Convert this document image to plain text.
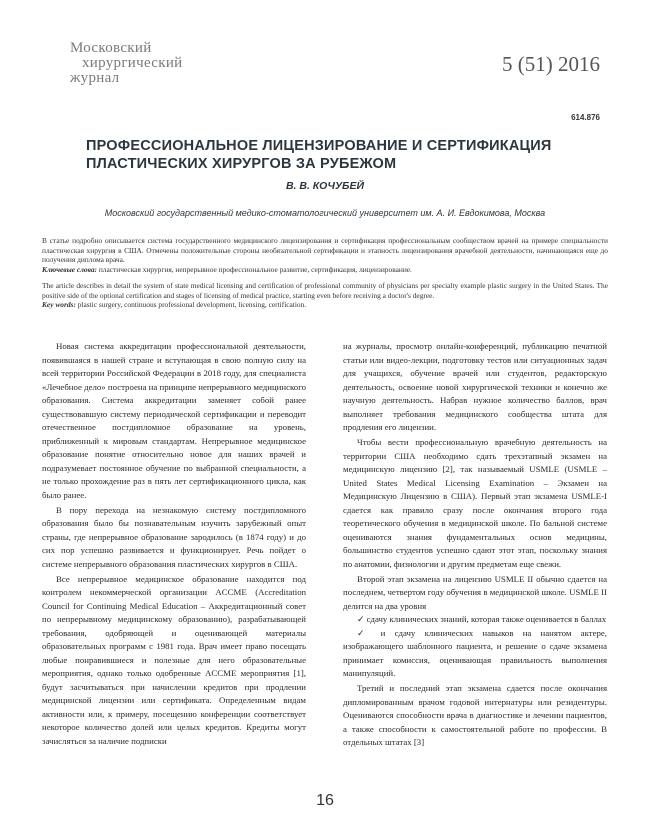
Московский
хирургический
журнал
5 (51) 2016
614.876
ПРОФЕССИОНАЛЬНОЕ ЛИЦЕНЗИРОВАНИЕ И СЕРТИФИКАЦИЯ ПЛАСТИЧЕСКИХ ХИРУРГОВ ЗА РУБЕЖОМ
В. В. КОЧУБЕЙ
Московский государственный медико-стоматологический университет им. А. И. Евдокимова, Москва
В статье подробно описывается система государственного медицинского лицензирования и сертификация профессиональным сообществом врачей на примере специальности пластическая хирургия в США. Отмечены положительные стороны необязательной сертификации и этапность лицензирования врачебной деятельности, начинающаяся еще до получения диплома врача.
Ключевые слова: пластическая хирургия, непрерывное профессиональное развитие, сертификация, лицензирование.
The article describes in detail the system of state medical licensing and certification of professional community of physicians per specialty example plastic surgery in the United States. The positive side of the optional certification and stages of licensing of medical practice, starting even before receiving a doctor's degree.
Key words: plastic surgery, continuous professional development, licensing, certification.

Новая система аккредитации профессиональной деятельности, появившаяся в нашей стране и вступающая в свою полную силу на всей территории Российской Федерации в 2018 году, для специалиста «Лечебное дело» построена на принципе непрерывного медицинского образования. Система аккредитации заменяет собой ранее существовавшую систему периодической сертификации и переводит отечественное постдипломное образование на уровень, приближенный к мировым стандартам. Непрерывное медицинское образование понятие относительно новое для наших врачей и подразумевает постоянное обучение по выбранной специальности, а не только прохождение раз в пять лет сертификационного цикла, как было ранее.

В пору перехода на незнакомую систему постдипломного образования было бы познавательным изучить зарубежный опыт страны, где непрерывное образование зародилось (в 1874 году) и до сих пор успешно развивается и функционирует. Речь пойдет о системе непрерывного образования пластических хирургов в США.

Все непрерывное медицинское образование находится под контролем некоммерческой организации ACCME (Accreditation Council for Continuing Medical Education – Аккредитационный совет по непрерывному медицинскому образованию), разрабатывающей требования, одобряющей и оценивающей материалы образовательных программ с 1981 года. Врач имеет право посещать любые понравившиеся и полезные для него образовательные мероприятия, однако только одобренные ACCME мероприятия [1], будут засчитываться при начислении кредитов при продлении медицинской лицензии или сертификата. Определенным видам активности или, к примеру, посещению конференции соответствует некоторое количество долей или целых кредитов. Кредиты могут зачисляться за наличие подписки

на журналы, просмотр онлайн-конференций, публикацию печатной статьи или видео-лекции, подготовку тестов или ситуационных задач для учащихся, обучение врачей или студентов, редакторскую деятельность, освоение новой хирургической техники и конечно же научную деятельность. Набрав нужное количество баллов, врач выполняет требования медицинского сообщества штата для продления его лицензии.

Чтобы вести профессиональную врачебную деятельность на территории США необходимо сдать трехэтапный экзамен на медицинскую лицензию [2], так называемый USMLE (USMLE – United States Medical Licensing Examination – Экзамен на Медицинскую Лицензию в США). Первый этап экзамена USMLE-I сдается как правило сразу после окончания второго года теоретического обучения в медицинской школе. По бальной системе оцениваются знания фундаментальных основ медицины, большинство студентов успешно сдают этот этап, поскольку знания по анатомии, физиологии и другим предметам еще свежи.

Второй этап экзамена на лицензию USMLE II обычно сдается на последнем, четвертом году обучения в медицинской школе. USMLE II делится на два уровня

✓ сдачу клинических знаний, которая также оценивается в баллах

✓ и сдачу клинических навыков на нанятом актере, изображающего шаблонного пациента, и решение о сдаче экзамена принимает комиссия, оценивающая правильность выполнения манипуляций.

Третий и последний этап экзамена сдается после окончания дипломированным врачом годовой интернатуры или резидентуры. Оцениваются способности врача в диагностике и лечении пациентов, а также способности к самостоятельной работе по профессии. В отдельных штатах [3]

16
